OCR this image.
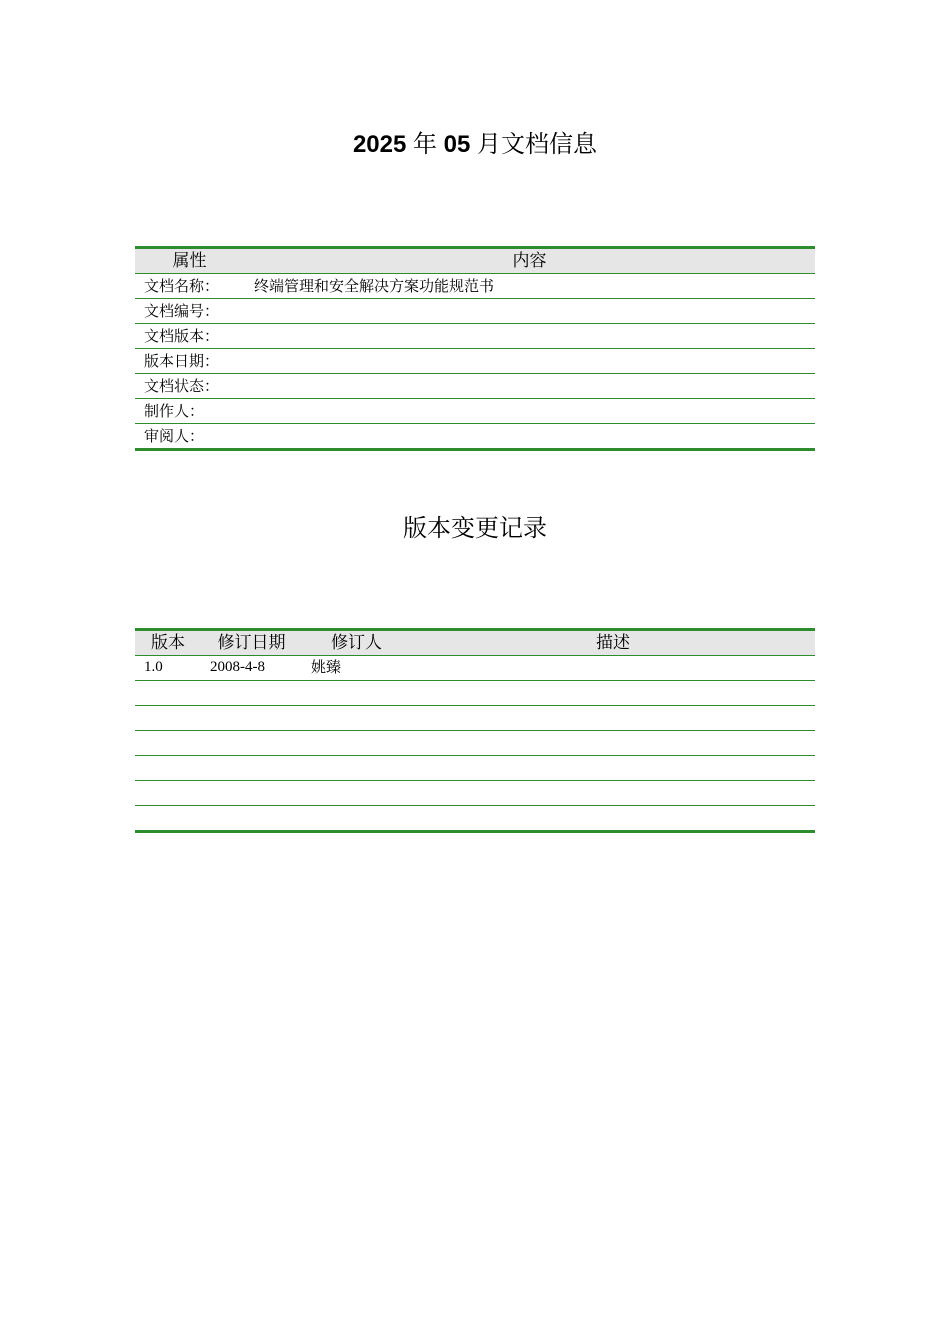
2025 年 05 月文档信息
属性	内容
文档名称：	终端管理和安全解决方案功能规范书
文档编号：	
文档版本：	
版本日期：	
文档状态：	
制作人：	
审阅人：	
版本变更记录
版本	修订日期	修订人	描述
1.0	2008-4-8	姚臻	
